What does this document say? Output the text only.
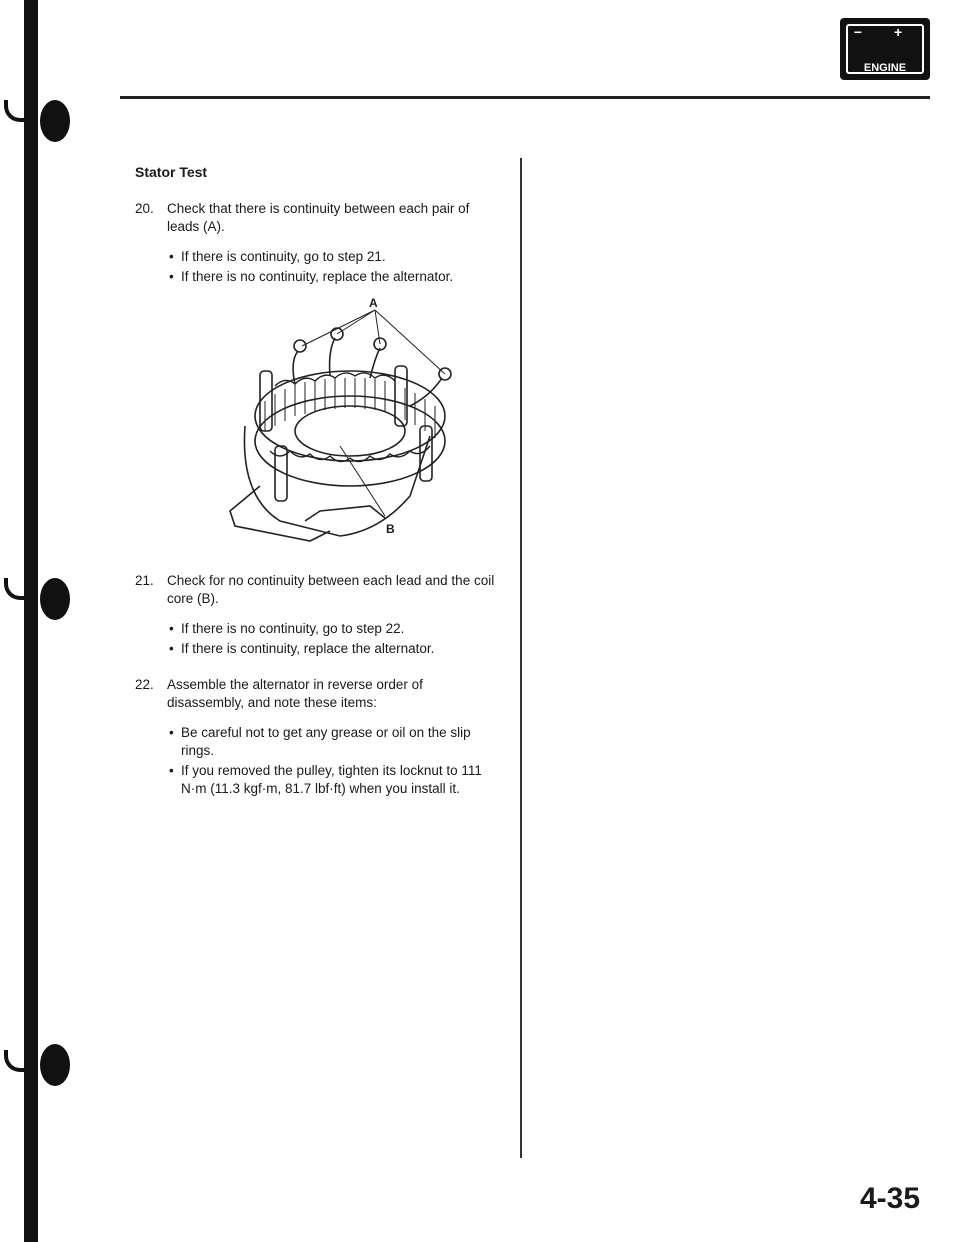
− +
ENGINE
Stator Test
20. Check that there is continuity between each pair of leads (A).
• If there is continuity, go to step 21.
• If there is no continuity, replace the alternator.
A
B
21. Check for no continuity between each lead and the coil core (B).
• If there is no continuity, go to step 22.
• If there is continuity, replace the alternator.
22. Assemble the alternator in reverse order of disassembly, and note these items:
• Be careful not to get any grease or oil on the slip rings.
• If you removed the pulley, tighten its locknut to 111 N·m (11.3 kgf·m, 81.7 lbf·ft) when you install it.
4-35
